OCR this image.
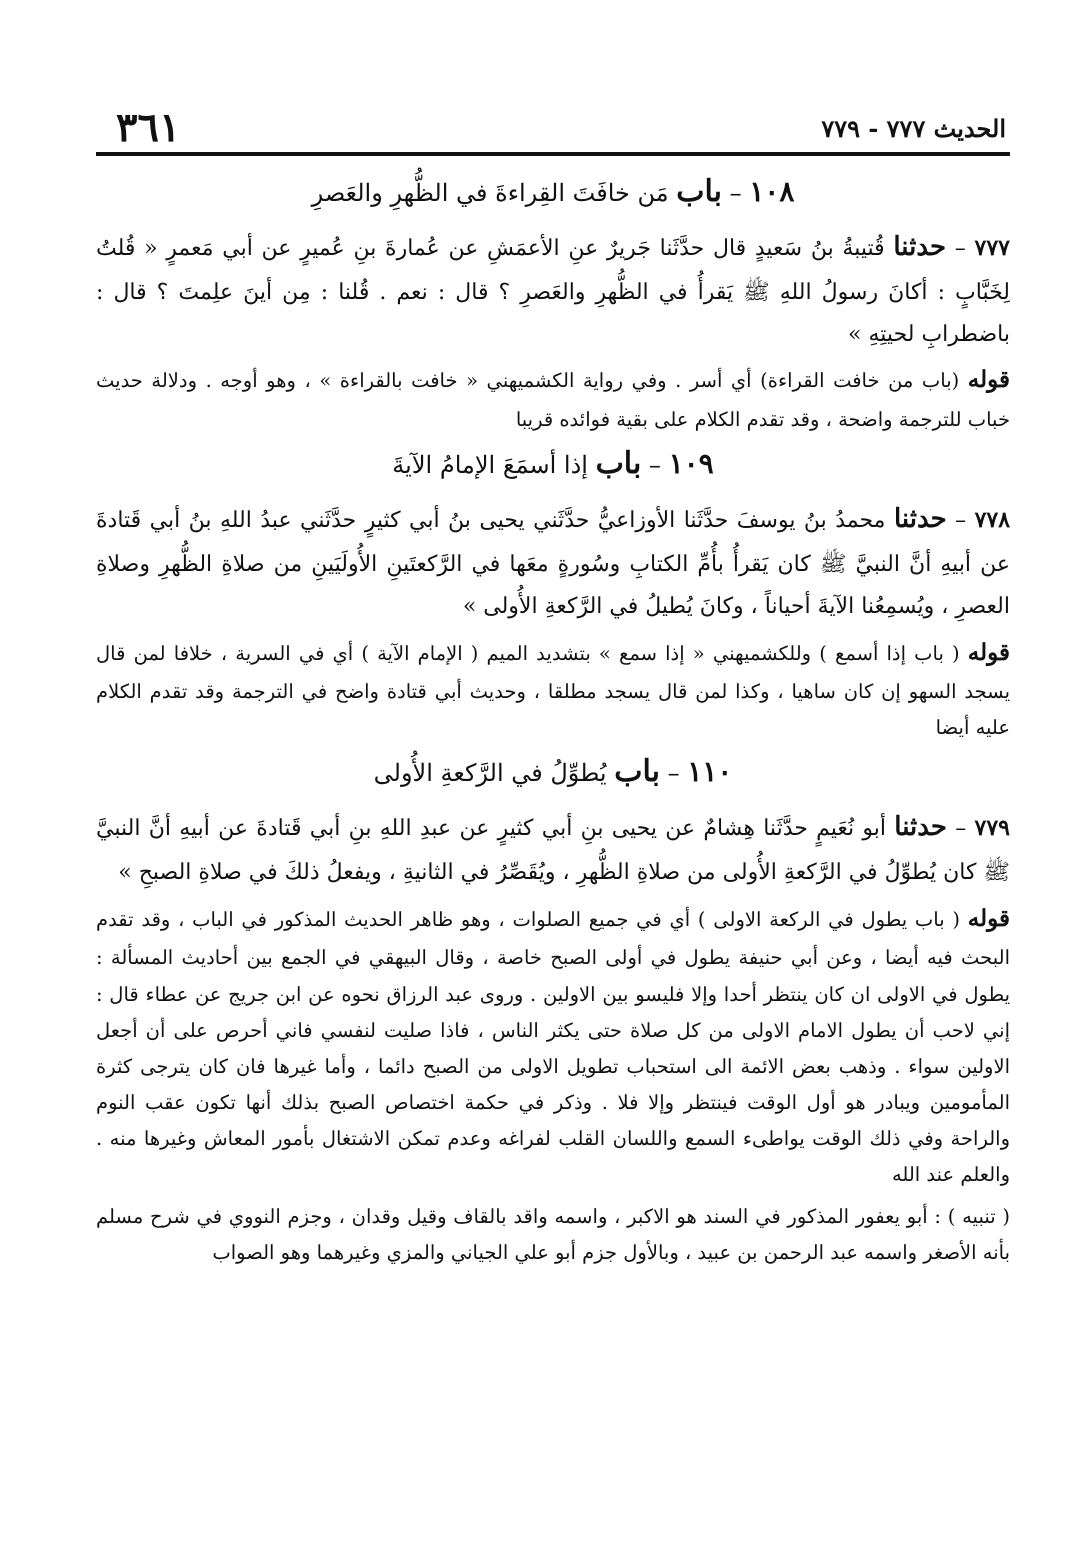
الحديث ٧٧٧ - ٧٧٩
٣٦١
١٠٨ – باب مَن خافَتَ القِراءةَ في الظُّهرِ والعَصرِ

٧٧٧ – حدثنا قُتيبةُ بنُ سَعيدٍ قال حدَّثَنا جَريرٌ عنِ الأعمَشِ عن عُمارةَ بنِ عُميرٍ عن أبي مَعمرٍ « قُلتُ لِخَبَّابٍ : أكانَ رسولُ اللهِ ﷺ يَقرأُ في الظُّهرِ والعَصرِ ؟ قال : نعم . قُلنا : مِن أينَ علِمتَ ؟ قال : باضطرابِ لحيتِهِ »

قوله (باب من خافت القراءة) أي أسر . وفي رواية الكشميهني « خافت بالقراءة » ، وهو أوجه . ودلالة حديث خباب للترجمة واضحة ، وقد تقدم الكلام على بقية فوائده قريبا

١٠٩ – باب إذا أسمَعَ الإمامُ الآيةَ

٧٧٨ – حدثنا محمدُ بنُ يوسفَ حدَّثَنا الأوزاعيُّ حدَّثَني يحيى بنُ أبي كثيرٍ حدَّثَني عبدُ اللهِ بنُ أبي قَتادةَ عن أبيهِ أنَّ النبيَّ ﷺ كان يَقرأُ بأُمِّ الكتابِ وسُورةٍ معَها في الرَّكعتَينِ الأُولَيَينِ من صلاةِ الظُّهرِ وصلاةِ العصرِ ، ويُسمِعُنا الآيةَ أحياناً ، وكانَ يُطيلُ في الرَّكعةِ الأُولى »

قوله ( باب إذا أسمع ) وللكشميهني « إذا سمع » بتشديد الميم ( الإمام الآية ) أي في السرية ، خلافا لمن قال يسجد السهو إن كان ساهيا ، وكذا لمن قال يسجد مطلقا ، وحديث أبي قتادة واضح في الترجمة وقد تقدم الكلام عليه أيضا

١١٠ – باب يُطوِّلُ في الرَّكعةِ الأُولى

٧٧٩ – حدثنا أبو نُعَيمٍ حدَّثَنا هِشامٌ عن يحيى بنِ أبي كثيرٍ عن عبدِ اللهِ بنِ أبي قَتادةَ عن أبيهِ أنَّ النبيَّ ﷺ كان يُطوِّلُ في الرَّكعةِ الأُولى من صلاةِ الظُّهرِ ، ويُقَصِّرُ في الثانيةِ ، ويفعلُ ذلكَ في صلاةِ الصبحِ »

قوله ( باب يطول في الركعة الاولى ) أي في جميع الصلوات ، وهو ظاهر الحديث المذكور في الباب ، وقد تقدم البحث فيه أيضا ، وعن أبي حنيفة يطول في أولى الصبح خاصة ، وقال البيهقي في الجمع بين أحاديث المسألة : يطول في الاولى ان كان ينتظر أحدا وإلا فليسو بين الاولين . وروى عبد الرزاق نحوه عن ابن جريج عن عطاء قال : إني لاحب أن يطول الامام الاولى من كل صلاة حتى يكثر الناس ، فاذا صليت لنفسي فاني أحرص على أن أجعل الاولين سواء . وذهب بعض الائمة الى استحباب تطويل الاولى من الصبح دائما ، وأما غيرها فان كان يترجى كثرة المأمومين ويبادر هو أول الوقت فينتظر وإلا فلا . وذكر في حكمة اختصاص الصبح بذلك أنها تكون عقب النوم والراحة وفي ذلك الوقت يواطىء السمع واللسان القلب لفراغه وعدم تمكن الاشتغال بأمور المعاش وغيرها منه . والعلم عند الله

( تنبيه ) : أبو يعفور المذكور في السند هو الاكبر ، واسمه واقد بالقاف وقيل وقدان ، وجزم النووي في شرح مسلم بأنه الأصغر واسمه عبد الرحمن بن عبيد ، وبالأول جزم أبو علي الجياني والمزي وغيرهما وهو الصواب
